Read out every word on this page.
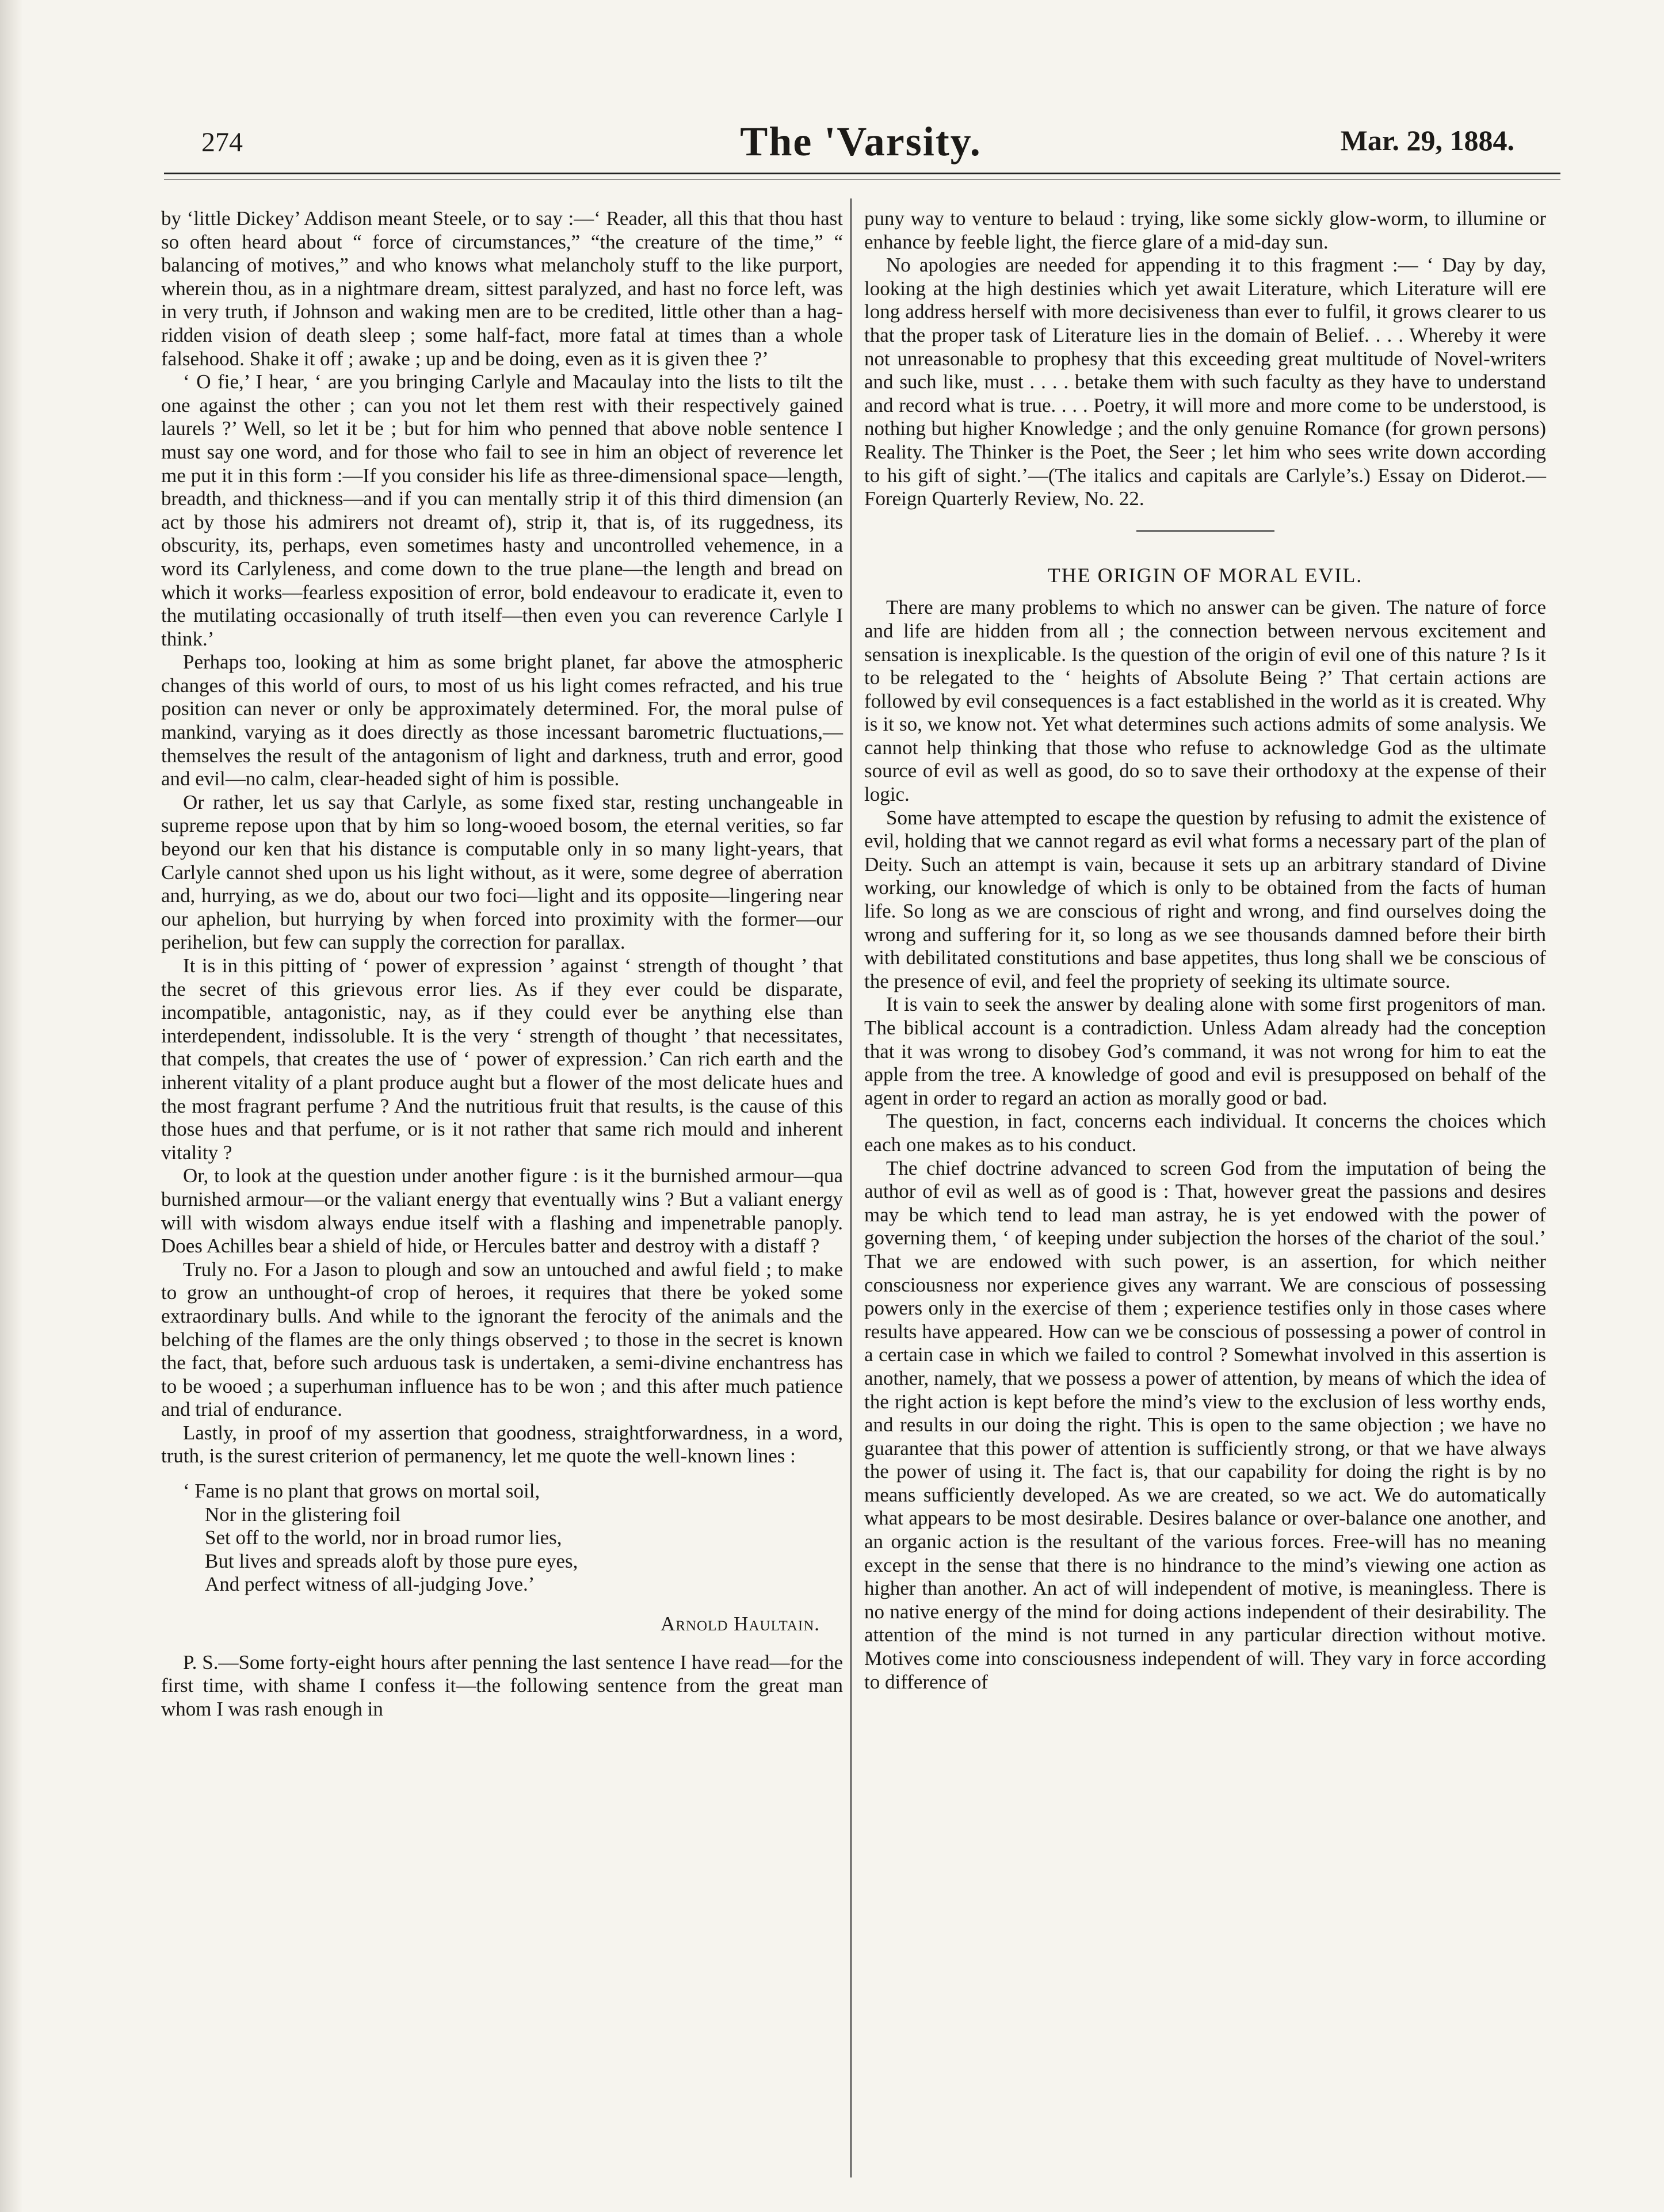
274	The 'Varsity.	Mar. 29, 1884.

by ‘little Dickey’ Addison meant Steele, or to say :—‘ Reader, all this that thou hast so often heard about “ force of circumstances,” “the creature of the time,” “ balancing of motives,” and who knows what melancholy stuff to the like purport, wherein thou, as in a nightmare dream, sittest paralyzed, and hast no force left, was in very truth, if Johnson and waking men are to be credited, little other than a hag-ridden vision of death sleep ; some half-fact, more fatal at times than a whole falsehood. Shake it off ; awake ; up and be doing, even as it is given thee ?’

‘ O fie,’ I hear, ‘ are you bringing Carlyle and Macaulay into the lists to tilt the one against the other ; can you not let them rest with their respectively gained laurels ?’ Well, so let it be ; but for him who penned that above noble sentence I must say one word, and for those who fail to see in him an object of reverence let me put it in this form :—If you consider his life as three-dimensional space—length, breadth, and thickness—and if you can mentally strip it of this third dimension (an act by those his admirers not dreamt of), strip it, that is, of its ruggedness, its obscurity, its, perhaps, even sometimes hasty and uncontrolled vehemence, in a word its Carlyleness, and come down to the true plane—the length and bread on which it works—fearless exposition of error, bold endeavour to eradicate it, even to the mutilating occasionally of truth itself—then even you can reverence Carlyle I think.’

Perhaps too, looking at him as some bright planet, far above the atmospheric changes of this world of ours, to most of us his light comes refracted, and his true position can never or only be approximately determined. For, the moral pulse of mankind, varying as it does directly as those incessant barometric fluctuations,—themselves the result of the antagonism of light and darkness, truth and error, good and evil—no calm, clear-headed sight of him is possible.

Or rather, let us say that Carlyle, as some fixed star, resting unchangeable in supreme repose upon that by him so long-wooed bosom, the eternal verities, so far beyond our ken that his distance is computable only in so many light-years, that Carlyle cannot shed upon us his light without, as it were, some degree of aberration and, hurrying, as we do, about our two foci—light and its opposite—lingering near our aphelion, but hurrying by when forced into proximity with the former—our perihelion, but few can supply the correction for parallax.

It is in this pitting of ‘ power of expression ’ against ‘ strength of thought ’ that the secret of this grievous error lies. As if they ever could be disparate, incompatible, antagonistic, nay, as if they could ever be anything else than interdependent, indissoluble. It is the very ‘ strength of thought ’ that necessitates, that compels, that creates the use of ‘ power of expression.’ Can rich earth and the inherent vitality of a plant produce aught but a flower of the most delicate hues and the most fragrant perfume ? And the nutritious fruit that results, is the cause of this those hues and that perfume, or is it not rather that same rich mould and inherent vitality ?

Or, to look at the question under another figure : is it the burnished armour—qua burnished armour—or the valiant energy that eventually wins ? But a valiant energy will with wisdom always endue itself with a flashing and impenetrable panoply. Does Achilles bear a shield of hide, or Hercules batter and destroy with a distaff ?

Truly no. For a Jason to plough and sow an untouched and awful field ; to make to grow an unthought-of crop of heroes, it requires that there be yoked some extraordinary bulls. And while to the ignorant the ferocity of the animals and the belching of the flames are the only things observed ; to those in the secret is known the fact, that, before such arduous task is undertaken, a semi-divine enchantress has to be wooed ; a superhuman influence has to be won ; and this after much patience and trial of endurance.

Lastly, in proof of my assertion that goodness, straightforwardness, in a word, truth, is the surest criterion of permanency, let me quote the well-known lines :

‘ Fame is no plant that grows on mortal soil,
Nor in the glistering foil
Set off to the world, nor in broad rumor lies,
But lives and spreads aloft by those pure eyes,
And perfect witness of all-judging Jove.’
Arnold Haultain.

P. S.—Some forty-eight hours after penning the last sentence I have read—for the first time, with shame I confess it—the following sentence from the great man whom I was rash enough in

puny way to venture to belaud : trying, like some sickly glow-worm, to illumine or enhance by feeble light, the fierce glare of a mid-day sun.

No apologies are needed for appending it to this fragment :— ‘ Day by day, looking at the high destinies which yet await Literature, which Literature will ere long address herself with more decisiveness than ever to fulfil, it grows clearer to us that the proper task of Literature lies in the domain of Belief. . . . Whereby it were not unreasonable to prophesy that this exceeding great multitude of Novel-writers and such like, must . . . . betake them with such faculty as they have to understand and record what is true. . . . Poetry, it will more and more come to be understood, is nothing but higher Knowledge ; and the only genuine Romance (for grown persons) Reality. The Thinker is the Poet, the Seer ; let him who sees write down according to his gift of sight.’—(The italics and capitals are Carlyle’s.) Essay on Diderot.—Foreign Quarterly Review, No. 22.

THE ORIGIN OF MORAL EVIL.

There are many problems to which no answer can be given. The nature of force and life are hidden from all ; the connection between nervous excitement and sensation is inexplicable. Is the question of the origin of evil one of this nature ? Is it to be relegated to the ‘ heights of Absolute Being ?’ That certain actions are followed by evil consequences is a fact established in the world as it is created. Why is it so, we know not. Yet what determines such actions admits of some analysis. We cannot help thinking that those who refuse to acknowledge God as the ultimate source of evil as well as good, do so to save their orthodoxy at the expense of their logic.

Some have attempted to escape the question by refusing to admit the existence of evil, holding that we cannot regard as evil what forms a necessary part of the plan of Deity. Such an attempt is vain, because it sets up an arbitrary standard of Divine working, our knowledge of which is only to be obtained from the facts of human life. So long as we are conscious of right and wrong, and find ourselves doing the wrong and suffering for it, so long as we see thousands damned before their birth with debilitated constitutions and base appetites, thus long shall we be conscious of the presence of evil, and feel the propriety of seeking its ultimate source.

It is vain to seek the answer by dealing alone with some first progenitors of man. The biblical account is a contradiction. Unless Adam already had the conception that it was wrong to disobey God’s command, it was not wrong for him to eat the apple from the tree. A knowledge of good and evil is presupposed on behalf of the agent in order to regard an action as morally good or bad.

The question, in fact, concerns each individual. It concerns the choices which each one makes as to his conduct.

The chief doctrine advanced to screen God from the imputation of being the author of evil as well as of good is : That, however great the passions and desires may be which tend to lead man astray, he is yet endowed with the power of governing them, ‘ of keeping under subjection the horses of the chariot of the soul.’ That we are endowed with such power, is an assertion, for which neither consciousness nor experience gives any warrant. We are conscious of possessing powers only in the exercise of them ; experience testifies only in those cases where results have appeared. How can we be conscious of possessing a power of control in a certain case in which we failed to control ? Somewhat involved in this assertion is another, namely, that we possess a power of attention, by means of which the idea of the right action is kept before the mind’s view to the exclusion of less worthy ends, and results in our doing the right. This is open to the same objection ; we have no guarantee that this power of attention is sufficiently strong, or that we have always the power of using it. The fact is, that our capability for doing the right is by no means sufficiently developed. As we are created, so we act. We do automatically what appears to be most desirable. Desires balance or over-balance one another, and an organic action is the resultant of the various forces. Free-will has no meaning except in the sense that there is no hindrance to the mind’s viewing one action as higher than another. An act of will independent of motive, is meaningless. There is no native energy of the mind for doing actions independent of their desirability. The attention of the mind is not turned in any particular direction without motive. Motives come into consciousness independent of will. They vary in force according to difference of
